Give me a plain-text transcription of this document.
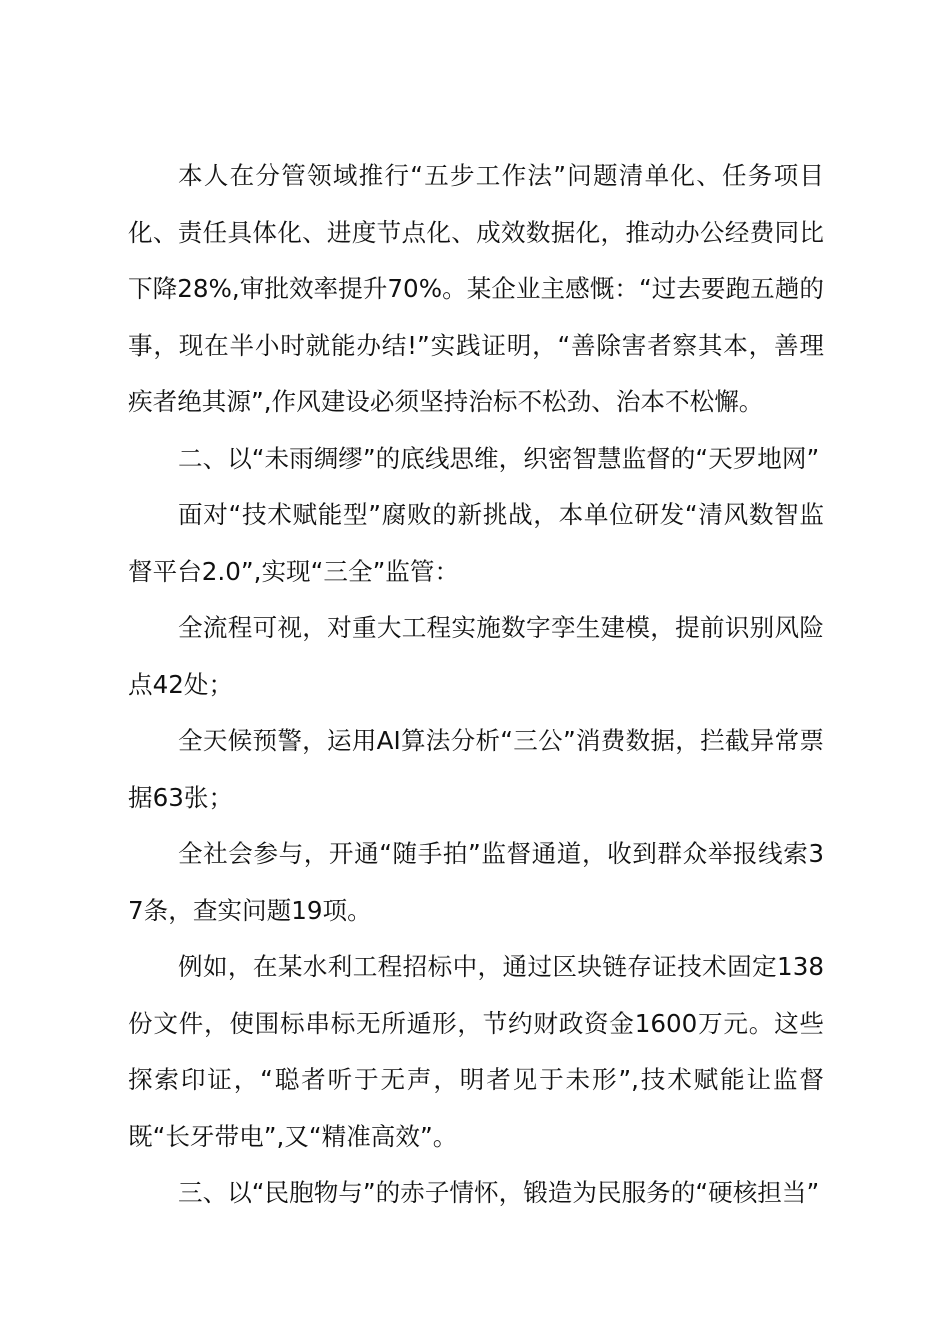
本人在分管领域推行“五步工作法”问题清单化、任务项目化、责任具体化、进度节点化、成效数据化，推动办公经费同比下降28%,审批效率提升70%。某企业主感慨：“过去要跑五趟的事，现在半小时就能办结!”实践证明，“善除害者察其本，善理疾者绝其源”,作风建设必须坚持治标不松劲、治本不松懈。

二、以“未雨绸缪”的底线思维，织密智慧监督的“天罗地网”

面对“技术赋能型”腐败的新挑战，本单位研发“清风数智监督平台2.0”,实现“三全”监管：

全流程可视，对重大工程实施数字孪生建模，提前识别风险点42处；

全天候预警，运用AI算法分析“三公”消费数据，拦截异常票据63张；

全社会参与，开通“随手拍”监督通道，收到群众举报线索37条，查实问题19项。

例如，在某水利工程招标中，通过区块链存证技术固定138份文件，使围标串标无所遁形，节约财政资金1600万元。这些探索印证，“聪者听于无声，明者见于未形”,技术赋能让监督既“长牙带电”,又“精准高效”。

三、以“民胞物与”的赤子情怀，锻造为民服务的“硬核担当”
